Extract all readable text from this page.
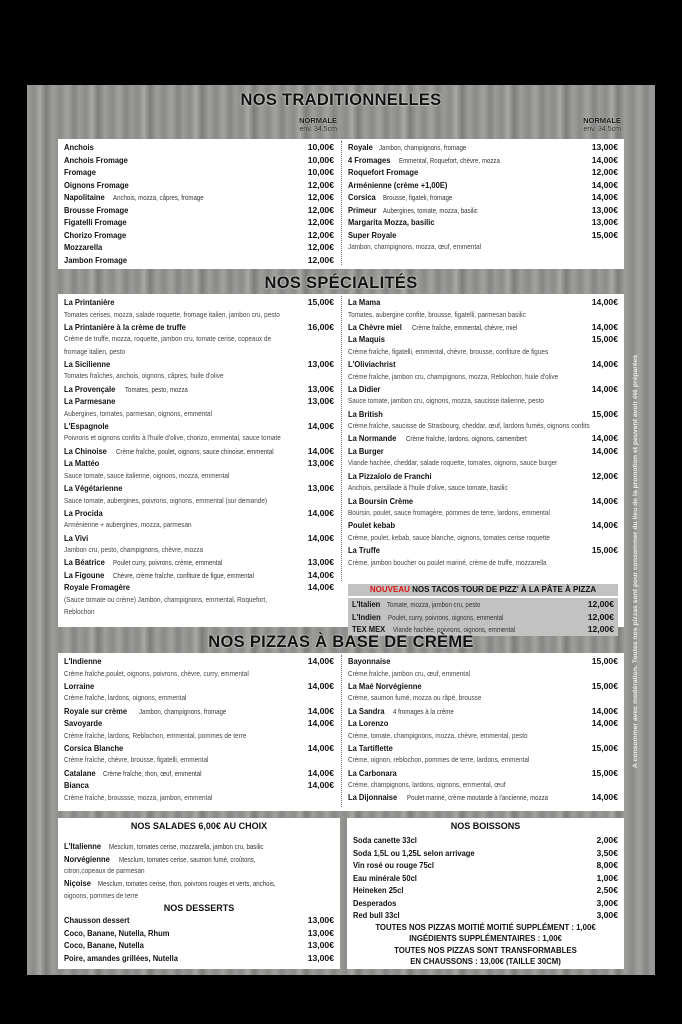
NOS TRADITIONNELLES
NORMALE
env. 34,5cm
NORMALE
env. 34,5cm
Anchois	10,00€
Anchois Fromage	10,00€
Fromage	10,00€
Oignons Fromage	12,00€
Napolitaine Anchois, mozza, câpres, fromage	12,00€
Brousse Fromage	12,00€
Figatelli Fromage	12,00€
Chorizo Fromage	12,00€
Mozzarella	12,00€
Jambon Fromage	12,00€
Royale Jambon, champignons, fromage	13,00€
4 Fromages Emmental, Roquefort, chèvre, mozza	14,00€
Roquefort Fromage	12,00€
Arménienne (crème +1,00E)	14,00€
Corsica Brousse, figateli, fromage	14,00€
Primeur Aubergines, tomate, mozza, basilic	13,00€
Margarita Mozza, basilic	13,00€
Super Royale	15,00€
Jambon, champignons, mozza, œuf, emmental
NOS SPÉCIALITÉS
La Printanière	15,00€
Tomates cerises, mozza, salade roquette, fromage italien, jambon cru, pesto
La Printanière à la crème de truffe	16,00€
Crème de truffe, mozza, roquette, jambon cru, tomate cerise, copeaux de
fromage italien, pesto
La Sicilienne	13,00€
Tomates fraîches, anchois, oignons, câpres, huile d'olive
La Provençale Tomates, pesto, mozza	13,00€
La Parmesane	13,00€
Aubergines, tomates, parmesan, oignons, emmental
L'Espagnole	14,00€
Poivrons et oignons confits à l'huile d'olive, chorizo, emmental, sauce tomate
La Chinoise Crème fraîche, poulet, oignons, sauce chinoise, emmental	14,00€
La Mattéo	13,00€
Sauce tomate, sauce italienne, oignons, mozza, emmental
La Végétarienne	13,00€
Sauce tomate, aubergines, poivrons, oignons, emmental (sur demande)
La Procida	14,00€
Arménienne + aubergines, mozza, parmesan
La Vivi	14,00€
Jambon cru, pesto, champignons, chèvre, mozza
La Béatrice Poulet curry, poivrons, crème, emmental	13,00€
La Figoune Chèvre, crème fraîche, confiture de figue, emmental	14,00€
Royale Fromagère	14,00€
(Sauce tomate ou crème) Jambon, champignons, emmental, Roquefort,
Reblochon
La Mama	14,00€
Tomates, aubergine confite, brousse, figatelli, parmesan basilic
La Chèvre miel Crème fraîche, emmental, chèvre, miel	14,00€
La Maquis	15,00€
Crème fraîche, figatelli, emmental, chèvre, brousse, confiture de figues
L'Oliviachrist	14,00€
Crème fraîche, jambon cru, champignons, mozza, Reblochon, huile d'olive
La Didier	14,00€
Sauce tomate, jambon cru, oignons, mozza, saucisse italienne, pesto
La British	15,00€
Crème fraîche, saucisse de Strasbourg, cheddar, œuf, lardons fumés, oignons confits
La Normande Crème fraîche, lardons, oignons, camembert	14,00€
La Burger	14,00€
Viande hachée, cheddar, salade roquette, tomates, oignons, sauce burger
La Pizzaïolo de Franchi	12,00€
Anchois, persillade à l'huile d'olive, sauce tomate, basilic
La Boursin Crème	14,00€
Boursin, poulet, sauce fromagère, pommes de terre, lardons, emmental
Poulet kebab	14,00€
Crème, poulet, kebab, sauce blanche, oignons, tomates cerise roquette
La Truffe	15,00€
Crème, jambon boucher ou poulet mariné, crème de truffe, mozzarella
NOUVEAU NOS TACOS TOUR DE PIZZ' À LA PÂTE À PIZZA
L'Italien Tomate, mozza, jambon cru, pesto	12,00€
L'Indien Poulet, curry, poivrons, oignons, emmental	12,00€
TEX MEX Viande hachée, poivrons, oignons, emmental	12,00€
NOS PIZZAS À BASE DE CRÈME
L'Indienne	14,00€
Crème fraîche,poulet, oignons, poivrons, chèvre, curry, emmental
Lorraine	14,00€
Crème fraîche, lardons, oignons, emmental
Royale sur crème Jambon, champignons, fromage	14,00€
Savoyarde	14,00€
Crème fraîche, lardons, Reblochon, emmental, pommes de terre
Corsica Blanche	14,00€
Crème fraîche, chèvre, brousse, figatelli, emmental
Catalane Crème fraîche, thon, œuf, emmental	14,00€
Bianca	14,00€
Crème fraîche, broussse, mozza, jambon, emmental
Bayonnaise	15,00€
Crème fraîche, jambon cru, œuf, emmental
La Maé Norvégienne	15,00€
Crème, saumon fumé, mozza ou râpé, brousse
La Sandra 4 fromages à la crème	14,00€
La Lorenzo	14,00€
Crème, tomate, champignons, mozza, chèvre, emmental, pesto
La Tartiflette	15,00€
Crème, oignon, reblochon, pommes de terre, lardons, emmental
La Carbonara	15,00€
Crème, champignons, lardons, oignons, emmental, œuf
La Dijonnaise Poulet mariné, crème moutarde à l'ancienne, mozza	14,00€
NOS SALADES 6,00€ AU CHOIX
L'Italienne Mesclum, tomates cerise, mozzarella, jambon cru, basilic
Norvégienne Mesclum, tomates cerise, saumon fumé, croûtons,
citron,copeaux de parmesan
Niçoise Mesclum, tomates cerise, thon, poivrons rouges et verts, anchois,
oignons, pommes de terre
NOS DESSERTS
Chausson dessert	13,00€
Coco, Banane, Nutella, Rhum	13,00€
Coco, Banane, Nutella	13,00€
Poire, amandes grillées, Nutella	13,00€
NOS BOISSONS
Soda canette 33cl	2,00€
Soda 1,5L ou 1,25L selon arrivage	3,50€
Vin rosé ou rouge 75cl	8,00€
Eau minérale 50cl	1,00€
Heineken 25cl	2,50€
Desperados	3,00€
Red bull 33cl	3,00€
TOUTES NOS PIZZAS MOITIÉ MOITIÉ SUPPLÉMENT : 1,00€
INGÉDIENTS SUPPLÉMENTAIRES : 1,00€
TOUTES NOS PIZZAS SONT TRANSFORMABLES
EN CHAUSSONS : 13,00€ (TAILLE 30CM)
A consommer avec modération. Toutes nos pizzas sont pour consommer du lieu de la promotion et peuvent avoir été préparées
